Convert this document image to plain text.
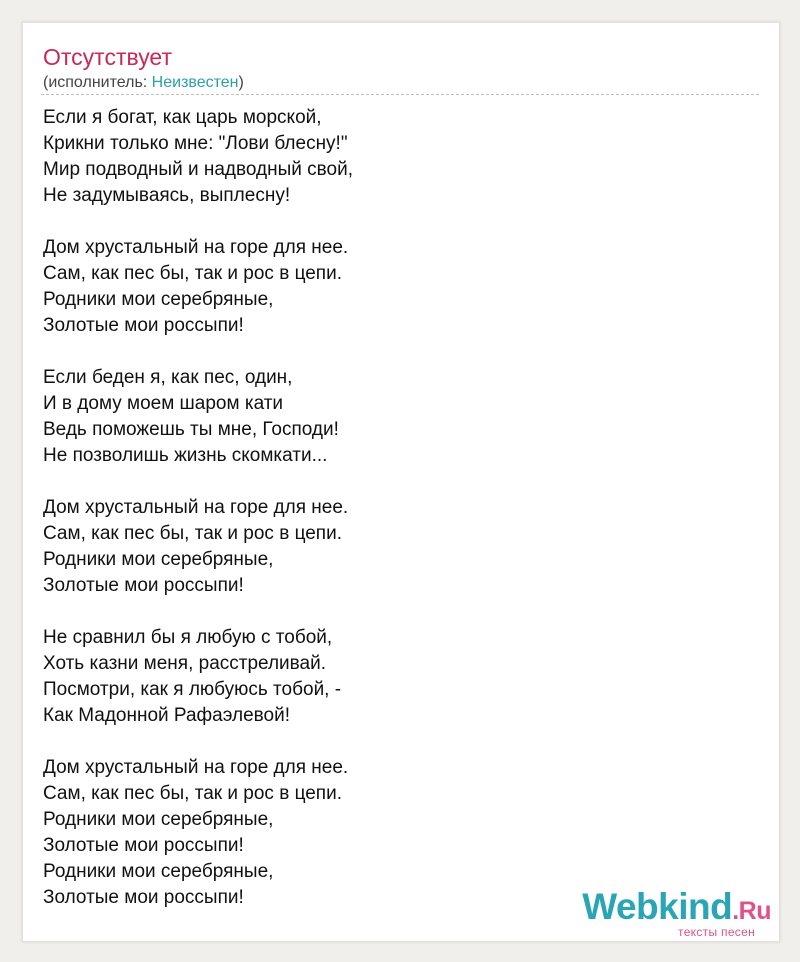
Отсутствует
(исполнитель: Неизвестен)
Если я богат, как царь морской,
Крикни только мне: "Лови блесну!"
Мир подводный и надводный свой,
Не задумываясь, выплесну!
Дом хрустальный на горе для нее.
Сам, как пес бы, так и рос в цепи.
Родники мои серебряные,
Золотые мои россыпи!
Если беден я, как пес, один,
И в дому моем шаром кати
Ведь поможешь ты мне, Господи!
Не позволишь жизнь скомкати...
Дом хрустальный на горе для нее.
Сам, как пес бы, так и рос в цепи.
Родники мои серебряные,
Золотые мои россыпи!
Не сравнил бы я любую с тобой,
Хоть казни меня, расстреливай.
Посмотри, как я любуюсь тобой, -
Как Мадонной Рафаэлевой!
Дом хрустальный на горе для нее.
Сам, как пес бы, так и рос в цепи.
Родники мои серебряные,
Золотые мои россыпи!
Родники мои серебряные,
Золотые мои россыпи!	Webkind.Ru
тексты песен
